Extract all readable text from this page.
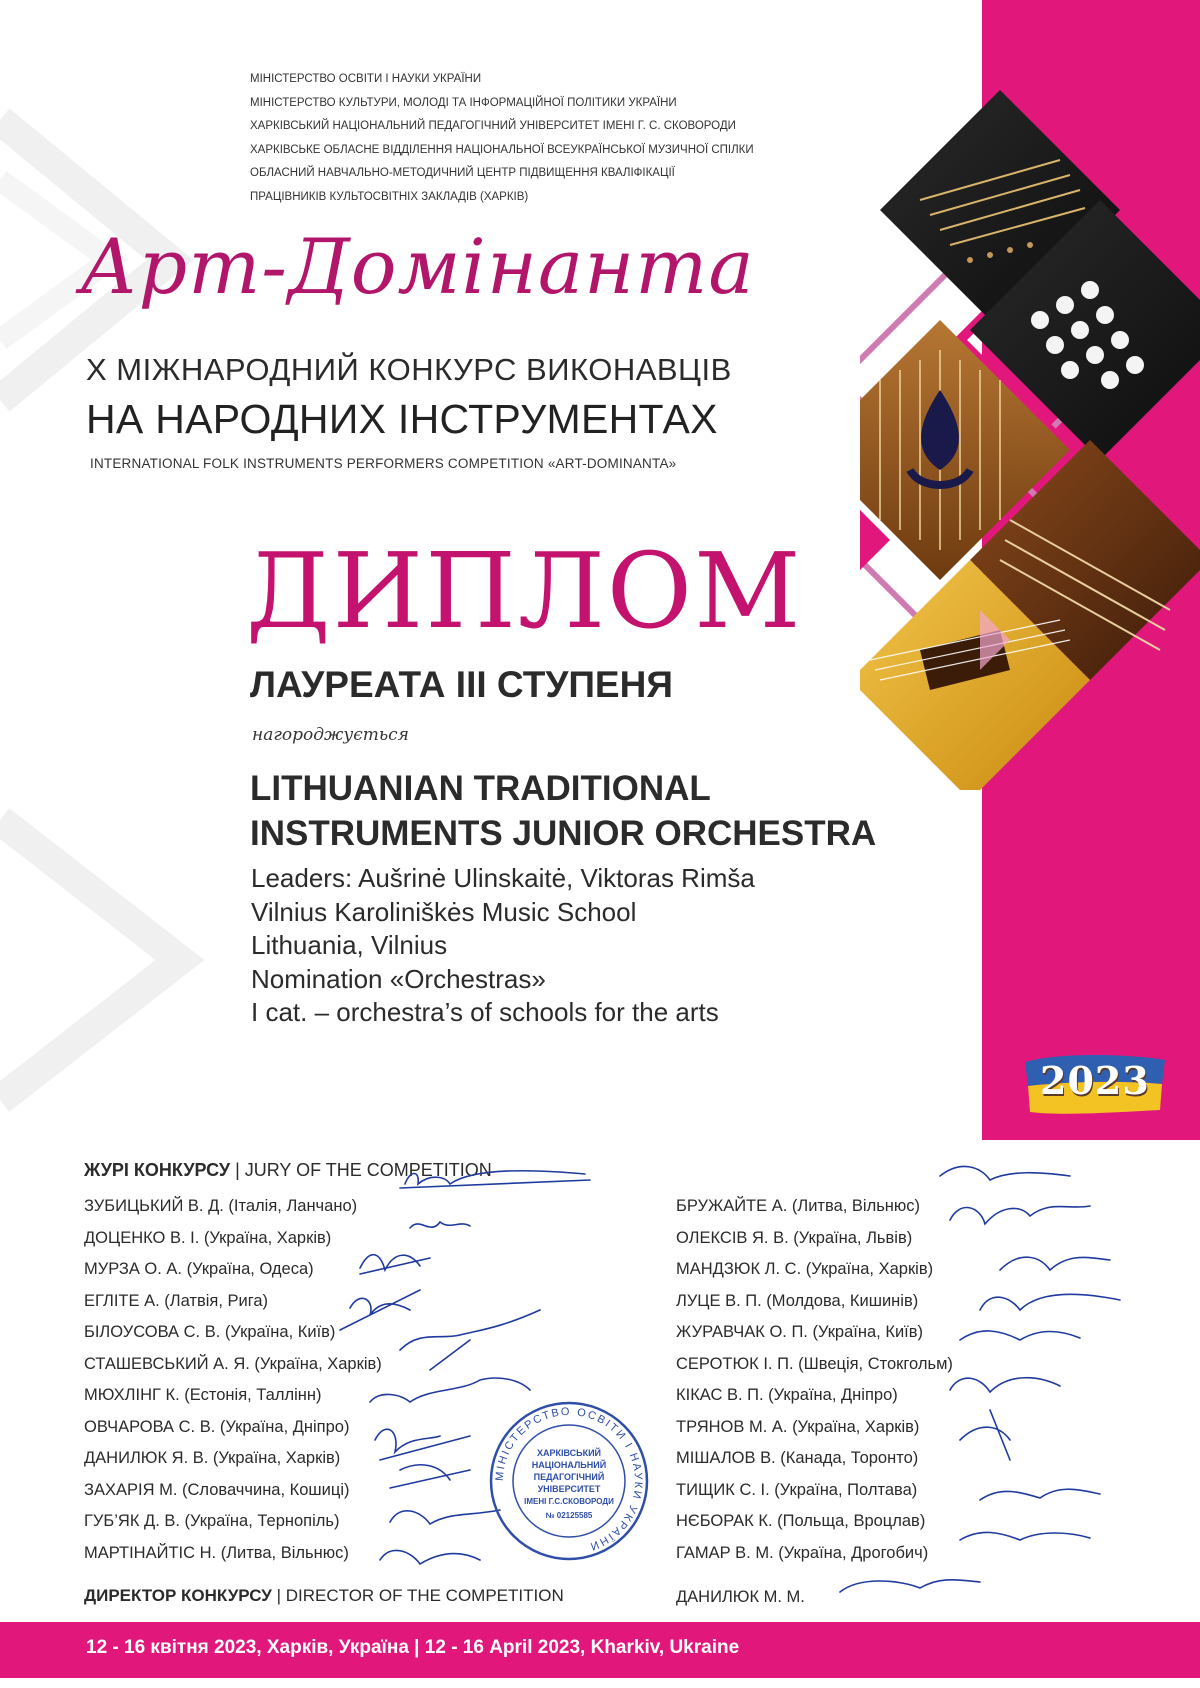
2023
МІНІСТЕРСТВО ОСВІТИ І НАУКИ УКРАЇНИ
МІНІСТЕРСТВО КУЛЬТУРИ, МОЛОДІ ТА ІНФОРМАЦІЙНОЇ ПОЛІТИКИ УКРАЇНИ
ХАРКІВСЬКИЙ НАЦІОНАЛЬНИЙ ПЕДАГОГІЧНИЙ УНІВЕРСИТЕТ ІМЕНІ Г. С. СКОВОРОДИ
ХАРКІВСЬКЕ ОБЛАСНЕ ВІДДІЛЕННЯ НАЦІОНАЛЬНОЇ ВСЕУКРАЇНСЬКОЇ МУЗИЧНОЇ СПІЛКИ
ОБЛАСНИЙ НАВЧАЛЬНО-МЕТОДИЧНИЙ ЦЕНТР ПІДВИЩЕННЯ КВАЛІФІКАЦІЇ
ПРАЦІВНИКІВ КУЛЬТОСВІТНІХ ЗАКЛАДІВ (ХАРКІВ)
Арт-Домінанта
Х МІЖНАРОДНИЙ КОНКУРС ВИКОНАВЦІВ
НА НАРОДНИХ ІНСТРУМЕНТАХ
INTERNATIONAL FOLK INSTRUMENTS PERFORMERS COMPETITION «ART-DOMINANTA»
ДИПЛОМ
ЛАУРЕАТА ІІІ СТУПЕНЯ
нагороджується
LITHUANIAN TRADITIONAL
INSTRUMENTS JUNIOR ORCHESTRA
Leaders: Aušrinė Ulinskaitė, Viktoras Rimša
Vilnius Karoliniškės Music School
Lithuania, Vilnius
Nomination «Orchestras»
I cat. – orchestra’s of schools for the arts
ЖУРІ КОНКУРСУ | JURY OF THE COMPETITION
ЗУБИЦЬКИЙ В. Д. (Італія, Ланчано)
ДОЦЕНКО В. І. (Україна, Харків)
МУРЗА О. А. (Україна, Одеса)
ЕГЛІТЕ А. (Латвія, Рига)
БІЛОУСОВА С. В. (Україна, Київ)
СТАШЕВСЬКИЙ А. Я. (Україна, Харків)
МЮХЛІНГ К. (Естонія, Таллінн)
ОВЧАРОВА С. В. (Україна, Дніпро)
ДАНИЛЮК Я. В. (Україна, Харків)
ЗАХАРІЯ М. (Словаччина, Кошиці)
ГУБ’ЯК Д. В. (Україна, Тернопіль)
МАРТІНАЙТІС Н. (Литва, Вільнюс)
БРУЖАЙТЕ А. (Литва, Вільнюс)
ОЛЕКСІВ Я. В. (Україна, Львів)
МАНДЗЮК Л. С. (Україна, Харків)
ЛУЦЕ В. П. (Молдова, Кишинів)
ЖУРАВЧАК О. П. (Україна, Київ)
СЕРОТЮК І. П. (Швеція, Стокгольм)
КІКАС В. П. (Україна, Дніпро)
ТРЯНОВ М. А. (Україна, Харків)
МІШАЛОВ В. (Канада, Торонто)
ТИЩИК С. І. (Україна, Полтава)
НЄБОРАК К. (Польща, Вроцлав)
ГАМАР В. М. (Україна, Дрогобич)
ДИРЕКТОР КОНКУРСУ | DIRECTOR OF THE COMPETITION	ДАНИЛЮК М. М.
МІНІСТЕРСТВО ОСВІТИ І НАУКИ УКРАЇНИ
ХАРКІВСЬКИЙ
НАЦІОНАЛЬНИЙ
ПЕДАГОГІЧНИЙ
УНІВЕРСИТЕТ
ІМЕНІ Г.С.СКОВОРОДИ
№ 02125585
12 - 16 квітня 2023, Харків, Україна | 12 - 16 April 2023, Kharkiv, Ukraine
